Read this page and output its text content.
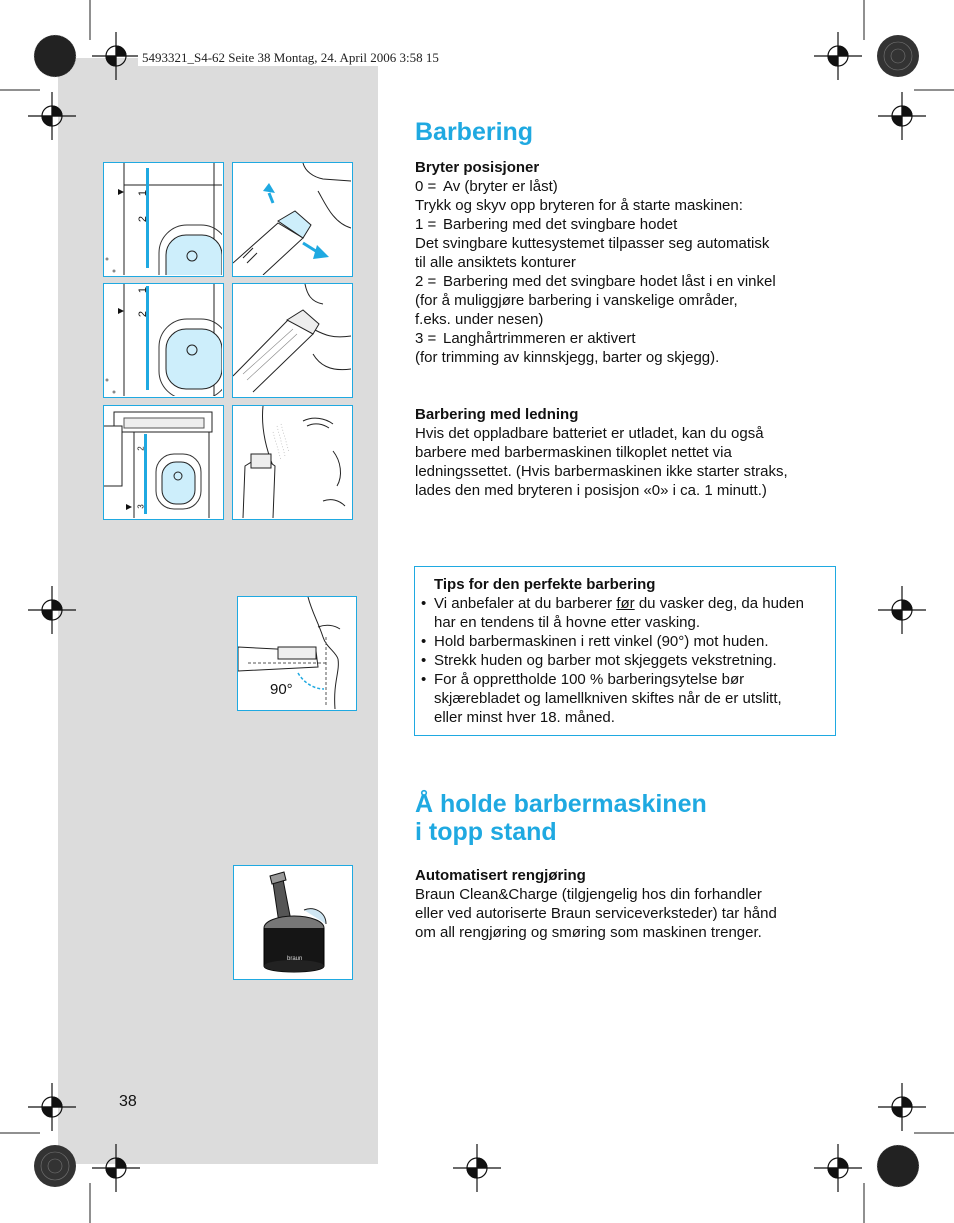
5493321_S4-62 Seite 38 Montag, 24. April 2006 3:58 15
Barbering
Bryter posisjoner
0 = Av (bryter er låst)
Trykk og skyv opp bryteren for å starte maskinen:
1 = Barbering med det svingbare hodet
Det svingbare kuttesystemet tilpasser seg automatisk
til alle ansiktets konturer
2 = Barbering med det svingbare hodet låst i en vinkel
(for å muliggjøre barbering i vanskelige områder,
f.eks. under nesen)
3 = Langhårtrimmeren er aktivert
(for trimming av kinnskjegg, barter og skjegg).
Barbering med ledning
Hvis det oppladbare batteriet er utladet, kan du også
barbere med barbermaskinen tilkoplet nettet via
ledningssettet. (Hvis barbermaskinen ikke starter straks,
lades den med bryteren i posisjon «0» i ca. 1 minutt.)
Tips for den perfekte barbering
• Vi anbefaler at du barberer før du vasker deg, da huden
har en tendens til å hovne etter vasking.
• Hold barbermaskinen i rett vinkel (90°) mot huden.
• Strekk huden og barber mot skjeggets vekstretning.
• For å opprettholde 100 % barberingsytelse bør
skjærebladet og lamellkniven skiftes når de er utslitt,
eller minst hver 18. måned.
Å holde barbermaskinen
i topp stand
Automatisert rengjøring
Braun Clean&Charge (tilgjengelig hos din forhandler
eller ved autoriserte Braun serviceverksteder) tar hånd
om all rengjøring og smøring som maskinen trenger.
1
2
1
2
2
3
90°
braun
38
